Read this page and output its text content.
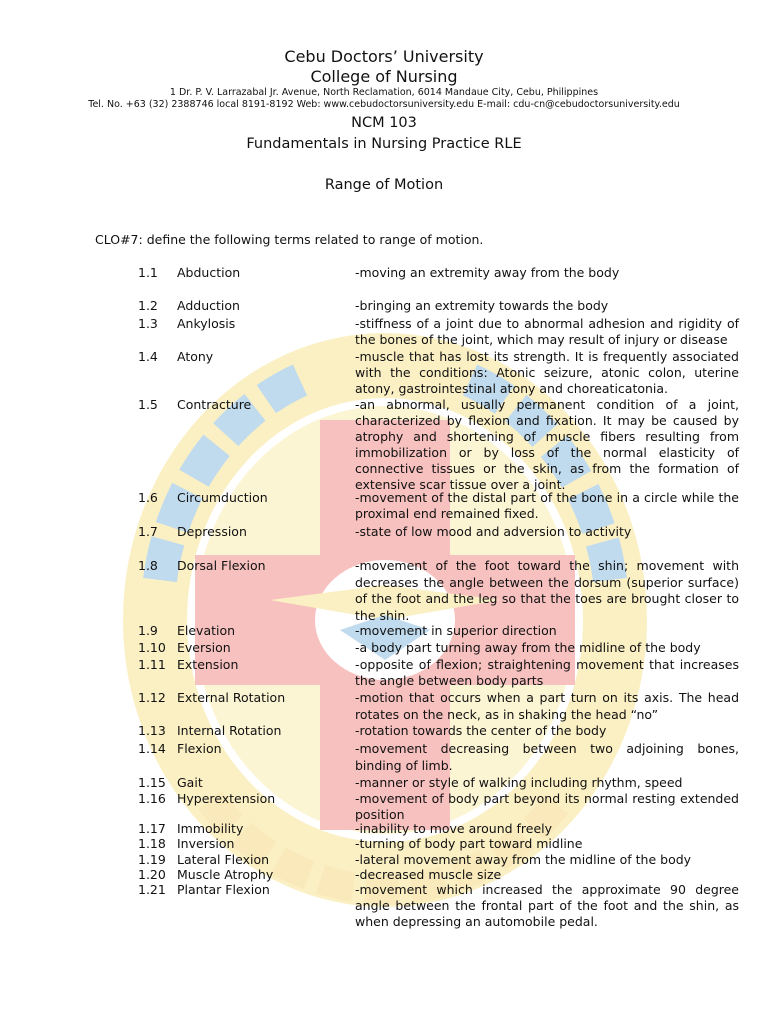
Cebu Doctors’ University
College of Nursing
1 Dr. P. V. Larrazabal Jr. Avenue, North Reclamation, 6014 Mandaue City, Cebu, Philippines
Tel. No. +63 (32) 2388746 local 8191-8192 Web: www.cebudoctorsuniversity.edu E-mail: cdu-cn@cebudoctorsuniversity.edu
NCM 103
Fundamentals in Nursing Practice RLE
Range of Motion
CLO#7: define the following terms related to range of motion.
1.1 Abduction	-moving an extremity away from the body
1.2 Adduction	-bringing an extremity towards the body
1.3 Ankylosis	-stiffness of a joint due to abnormal adhesion and rigidity of the bones of the joint, which may result of injury or disease
1.4 Atony	-muscle that has lost its strength. It is frequently associated with the conditions: Atonic seizure, atonic colon, uterine atony, gastrointestinal atony and choreaticatonia.
1.5 Contracture	-an abnormal, usually permanent condition of a joint, characterized by flexion and fixation. It may be caused by atrophy and shortening of muscle fibers resulting from immobilization or by loss of the normal elasticity of connective tissues or the skin, as from the formation of extensive scar tissue over a joint.
1.6 Circumduction	-movement of the distal part of the bone in a circle while the proximal end remained fixed.
1.7 Depression	-state of low mood and adversion to activity
1.8 Dorsal Flexion	-movement of the foot toward the shin; movement with decreases the angle between the dorsum (superior surface) of the foot and the leg so that the toes are brought closer to the shin.
1.9 Elevation	-movement in superior direction
1.10 Eversion	-a body part turning away from the midline of the body
1.11 Extension	-opposite of flexion; straightening movement that increases the angle between body parts
1.12 External Rotation	-motion that occurs when a part turn on its axis. The head rotates on the neck, as in shaking the head “no”
1.13 Internal Rotation	-rotation towards the center of the body
1.14 Flexion	-movement decreasing between two adjoining bones, binding of limb.
1.15 Gait	-manner or style of walking including rhythm, speed
1.16 Hyperextension	-movement of body part beyond its normal resting extended position
1.17 Immobility	-inability to move around freely
1.18 Inversion	-turning of body part toward midline
1.19 Lateral Flexion	-lateral movement away from the midline of the body
1.20 Muscle Atrophy	-decreased muscle size
1.21 Plantar Flexion	-movement which increased the approximate 90 degree angle between the frontal part of the foot and the shin, as when depressing an automobile pedal.
